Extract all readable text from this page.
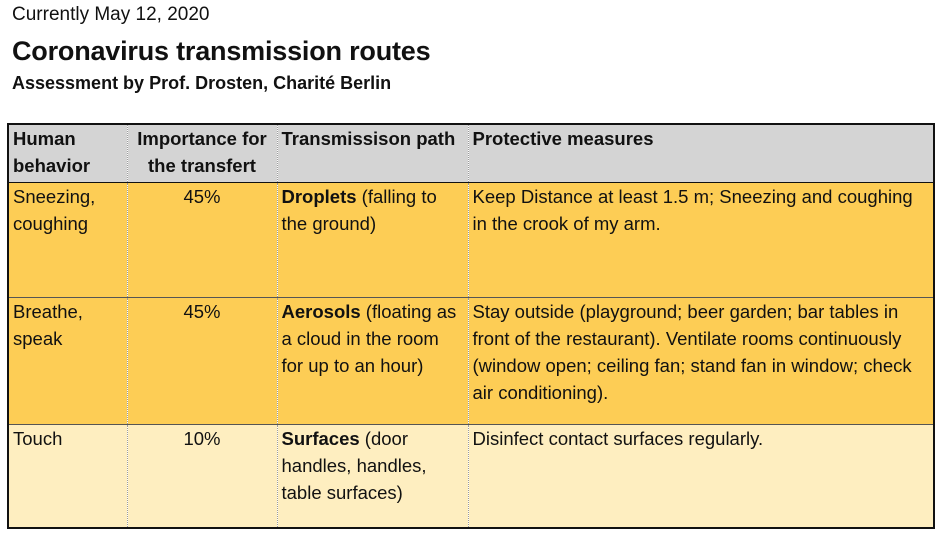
Currently May 12, 2020
Coronavirus transmission routes
Assessment by Prof. Drosten, Charité Berlin
Human behavior	Importance for the transfert	Transmissison path	Protective measures
Sneezing, coughing	45%	Droplets (falling to the ground)	Keep Distance at least 1.5 m; Sneezing and coughing in the crook of my arm.
Breathe, speak	45%	Aerosols (floating as a cloud in the room for up to an hour)	Stay outside (playground; beer garden; bar tables in front of the restaurant). Ventilate rooms continuously (window open; ceiling fan; stand fan in window; check air conditioning).
Touch	10%	Surfaces (door handles, handles, table surfaces)	Disinfect contact surfaces regularly.
